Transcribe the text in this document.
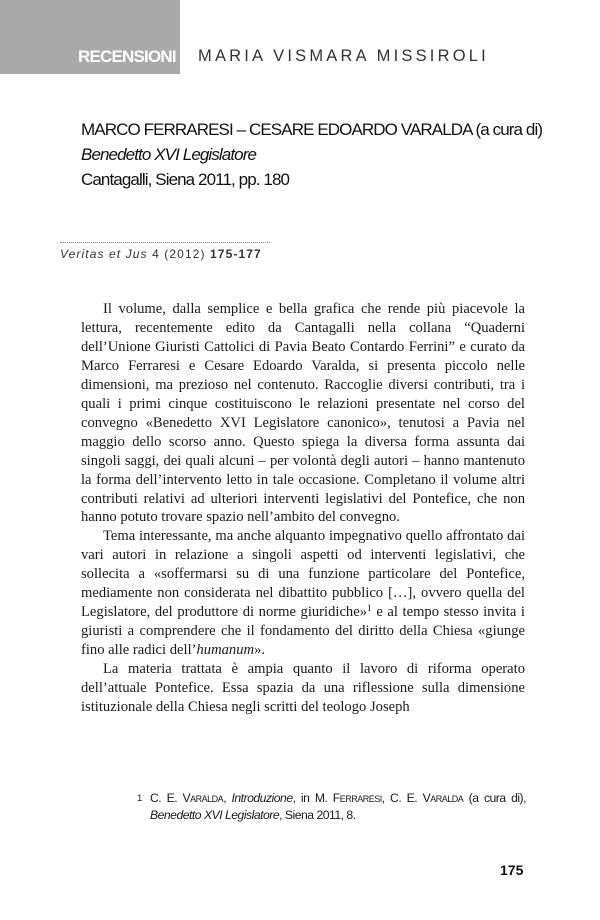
RECENSIONI MARIA VISMARA MISSIROLI
MARCO FERRARESI – CESARE EDOARDO VARALDA (a cura di)
Benedetto XVI Legislatore
Cantagalli, Siena 2011, pp. 180
Veritas et Jus 4 (2012) 175-177

Il volume, dalla semplice e bella grafica che rende più piacevole la lettura, recentemente edito da Cantagalli nella collana “Quaderni dell’Unione Giuristi Cattolici di Pavia Beato Contardo Ferrini” e curato da Marco Ferraresi e Cesare Edoardo Varalda, si presenta piccolo nelle dimensioni, ma prezioso nel contenuto. Raccoglie diversi contributi, tra i quali i primi cinque costituiscono le relazioni presentate nel corso del convegno «Benedetto XVI Legislatore canonico», tenutosi a Pavia nel maggio dello scorso anno. Questo spiega la diversa forma assunta dai singoli saggi, dei quali alcuni – per volontà degli autori – hanno mantenuto la forma dell’intervento letto in tale occasione. Completano il volume altri contributi relativi ad ulteriori interventi legislativi del Pontefice, che non hanno potuto trovare spazio nell’ambito del convegno.

Tema interessante, ma anche alquanto impegnativo quello affrontato dai vari autori in relazione a singoli aspetti od interventi legislativi, che sollecita a «soffermarsi su di una funzione particolare del Pontefice, mediamente non considerata nel dibattito pubblico […], ovvero quella del Legislatore, del produttore di norme giuridiche»$^1$ e al tempo stesso invita i giuristi a comprendere che il fondamento del diritto della Chiesa «giunge fino alle radici dell’humanum».

La materia trattata è ampia quanto il lavoro di riforma operato dell’attuale Pontefice. Essa spazia da una riflessione sulla dimensione istituzionale della Chiesa negli scritti del teologo Joseph

1 C. E. Varalda, Introduzione, in M. Ferraresi, C. E. Varalda (a cura di), Benedetto XVI Legislatore, Siena 2011, 8.
175
